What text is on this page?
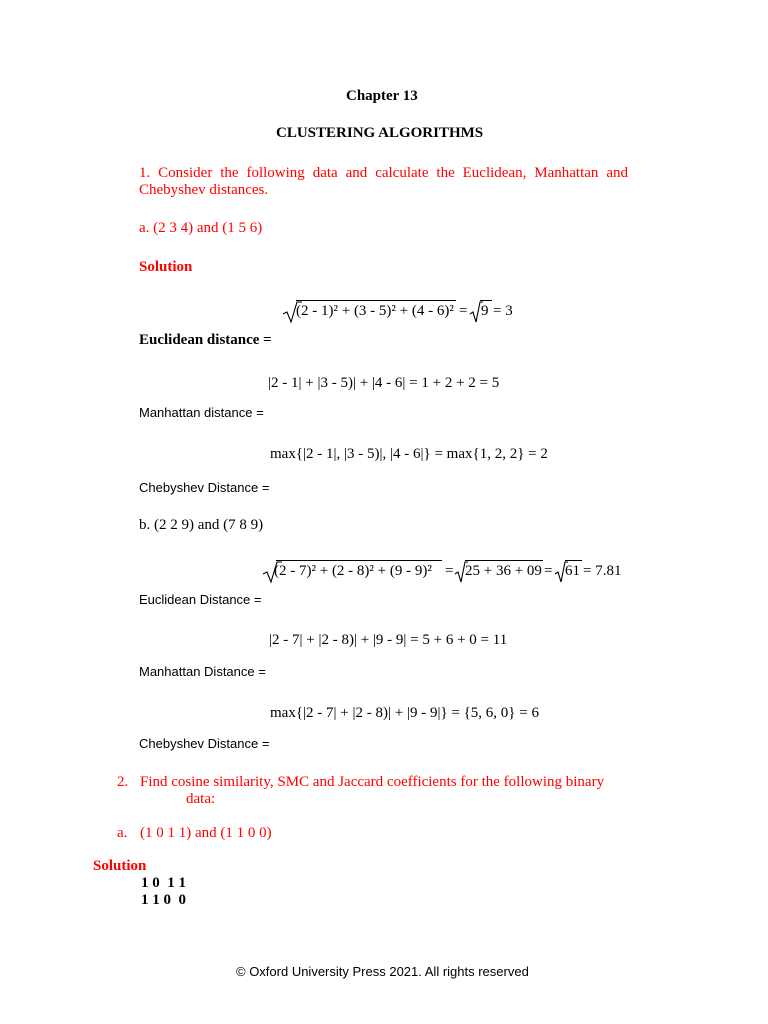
Chapter 13
CLUSTERING ALGORITHMS
1. Consider the following data and calculate the Euclidean, Manhattan and
Chebyshev distances.
a. (2 3 4) and (1 5 6)
Solution
(2 - 1)² + (3 - 5)² + (4 - 6)² = 9 = 3
Euclidean distance =
|2 - 1| + |3 - 5)| + |4 - 6| = 1 + 2 + 2 = 5
Manhattan distance =
max{|2 - 1|, |3 - 5)|, |4 - 6|} = max{1, 2, 2} = 2
Chebyshev Distance =
b. (2 2 9) and (7 8 9)
(2 - 7)² + (2 - 8)² + (9 - 9)² = 25 + 36 + 09 = 61 = 7.81
Euclidean Distance =
|2 - 7| + |2 - 8)| + |9 - 9| = 5 + 6 + 0 = 11
Manhattan Distance =
max{|2 - 7| + |2 - 8)| + |9 - 9|} = {5, 6, 0} = 6
Chebyshev Distance =
2. Find cosine similarity, SMC and Jaccard coefficients for the following binary
data:
a. (1 0 1 1) and (1 1 0 0)
Solution
1 0  1 1
1 1 0  0
© Oxford University Press 2021. All rights reserved
